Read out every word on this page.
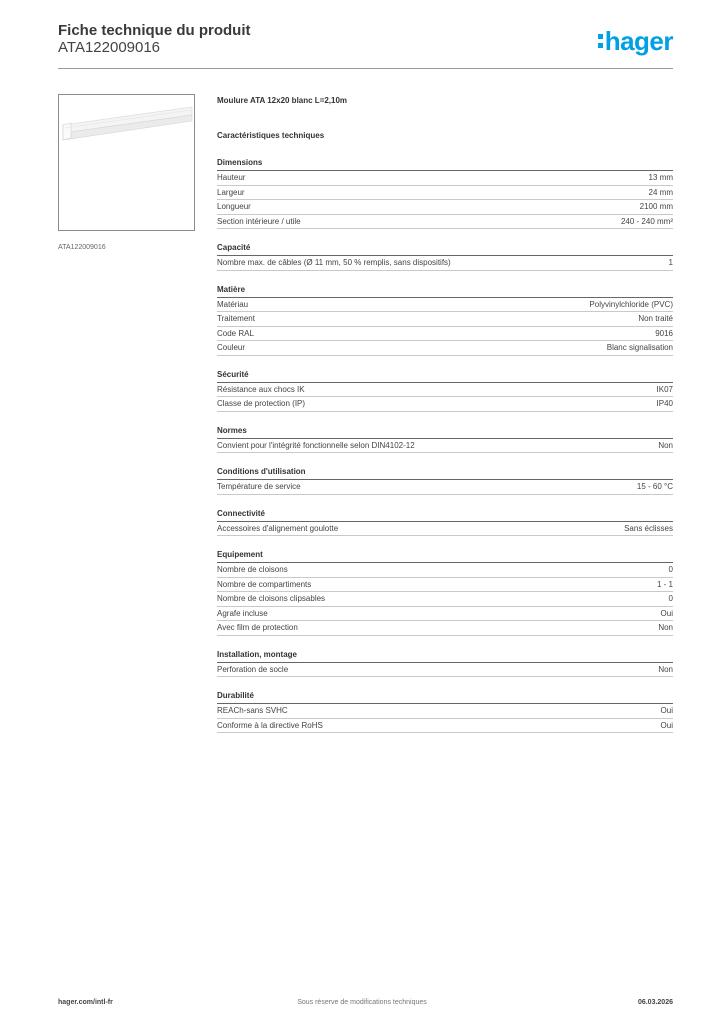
Fiche technique du produit
ATA122009016	hager
ATA122009016
Moulure ATA 12x20 blanc L=2,10m
Caractéristiques techniques
Dimensions
Hauteur	13 mm
Largeur	24 mm
Longueur	2100 mm
Section intérieure / utile	240 - 240 mm²
Capacité
Nombre max. de câbles (Ø 11 mm, 50 % remplis, sans dispositifs)	1
Matière
Matériau	Polyvinylchloride (PVC)
Traitement	Non traité
Code RAL	9016
Couleur	Blanc signalisation
Sécurité
Résistance aux chocs IK	IK07
Classe de protection (IP)	IP40
Normes
Convient pour l'intégrité fonctionnelle selon DIN4102-12	Non
Conditions d'utilisation
Température de service	15 - 60 °C
Connectivité
Accessoires d'alignement goulotte	Sans éclisses
Equipement
Nombre de cloisons	0
Nombre de compartiments	1 - 1
Nombre de cloisons clipsables	0
Agrafe incluse	Oui
Avec film de protection	Non
Installation, montage
Perforation de socle	Non
Durabilité
REACh-sans SVHC	Oui
Conforme à la directive RoHS	Oui
hager.com/intl-fr	Sous réserve de modifications techniques	06.03.2026
